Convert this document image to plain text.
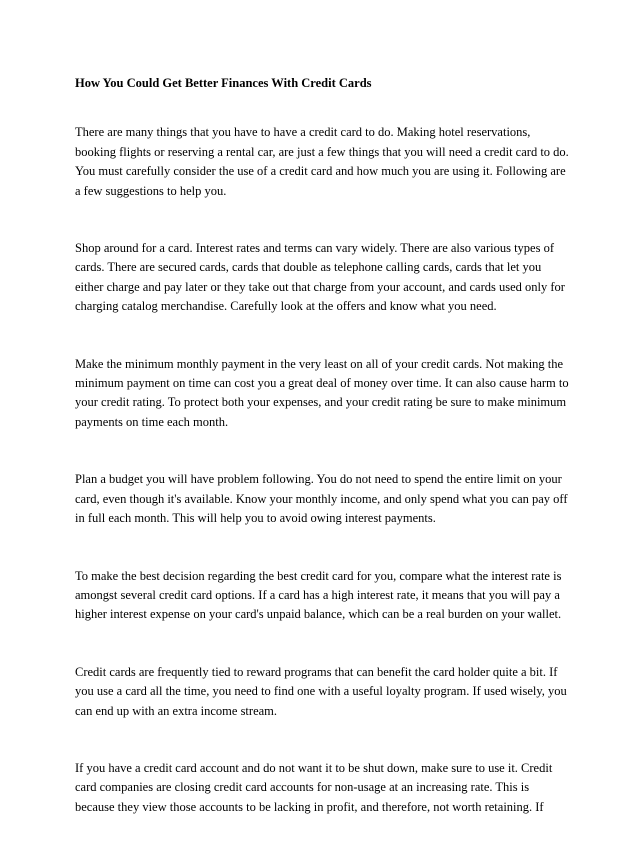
How You Could Get Better Finances With Credit Cards

There are many things that you have to have a credit card to do. Making hotel reservations, booking flights or reserving a rental car, are just a few things that you will need a credit card to do. You must carefully consider the use of a credit card and how much you are using it. Following are a few suggestions to help you.

Shop around for a card. Interest rates and terms can vary widely. There are also various types of cards. There are secured cards, cards that double as telephone calling cards, cards that let you either charge and pay later or they take out that charge from your account, and cards used only for charging catalog merchandise. Carefully look at the offers and know what you need.

Make the minimum monthly payment in the very least on all of your credit cards. Not making the minimum payment on time can cost you a great deal of money over time. It can also cause harm to your credit rating. To protect both your expenses, and your credit rating be sure to make minimum payments on time each month.

Plan a budget you will have problem following. You do not need to spend the entire limit on your card, even though it's available. Know your monthly income, and only spend what you can pay off in full each month. This will help you to avoid owing interest payments.

To make the best decision regarding the best credit card for you, compare what the interest rate is amongst several credit card options. If a card has a high interest rate, it means that you will pay a higher interest expense on your card's unpaid balance, which can be a real burden on your wallet.

Credit cards are frequently tied to reward programs that can benefit the card holder quite a bit. If you use a card all the time, you need to find one with a useful loyalty program. If used wisely, you can end up with an extra income stream.

If you have a credit card account and do not want it to be shut down, make sure to use it. Credit card companies are closing credit card accounts for non-usage at an increasing rate. This is because they view those accounts to be lacking in profit, and therefore, not worth retaining. If
